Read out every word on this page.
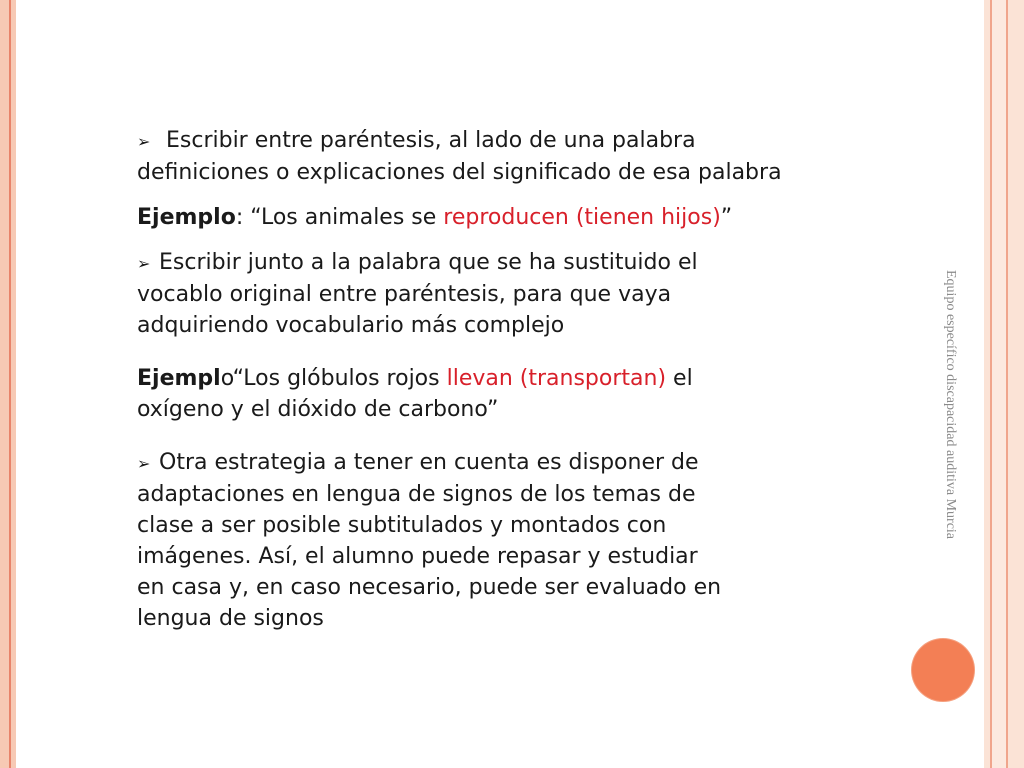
Equipo específico discapacidad auditiva Murcia

➢ Escribir entre paréntesis, al lado de una palabra
definiciones o explicaciones del significado de esa palabra

Ejemplo: “Los animales se reproducen (tienen hijos)”

➢ Escribir junto a la palabra que se ha sustituido el
vocablo original entre paréntesis, para que vaya
adquiriendo vocabulario más complejo

Ejemplo“Los glóbulos rojos llevan (transportan) el
oxígeno y el dióxido de carbono”

➢ Otra estrategia a tener en cuenta es disponer de
adaptaciones en lengua de signos de los temas de
clase a ser posible subtitulados y montados con
imágenes. Así, el alumno puede repasar y estudiar
en casa y, en caso necesario, puede ser evaluado en
lengua de signos
